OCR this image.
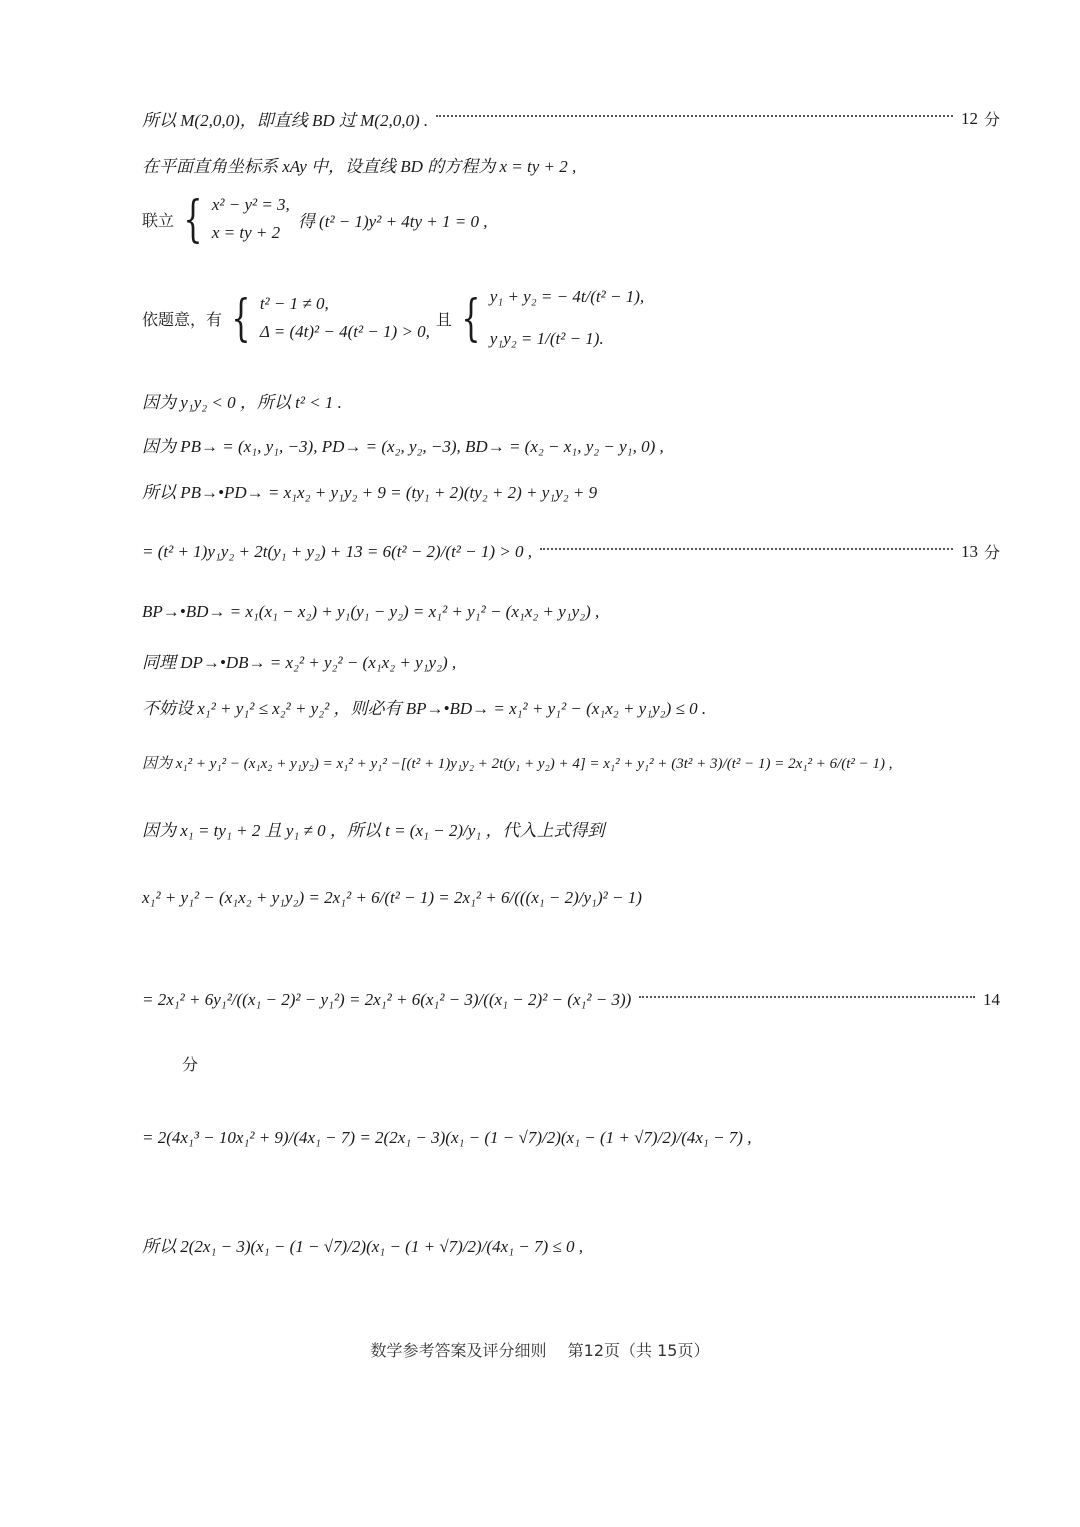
所以 M(2,0,0)，即直线 BD 过 M(2,0,0) .	12 分
在平面直角坐标系 xAy 中，设直线 BD 的方程为 x = ty + 2 ,
联立 { x² − y² = 3,
x = ty + 2
得 (t² − 1)y² + 4ty + 1 = 0 ,
依题意，有 { t² − 1 ≠ 0,
Δ = (4t)² − 4(t² − 1) > 0,
且 { y₁ + y₂ = − 4t/(t² − 1),
y₁y₂ = 1/(t² − 1).
因为 y₁y₂ < 0 ，所以 t² < 1 .
因为 PB→ = (x₁, y₁, −3), PD→ = (x₂, y₂, −3), BD→ = (x₂ − x₁, y₂ − y₁, 0) ,
所以 PB→•PD→ = x₁x₂ + y₁y₂ + 9 = (ty₁ + 2)(ty₂ + 2) + y₁y₂ + 9
= (t² + 1)y₁y₂ + 2t(y₁ + y₂) + 13 = 6(t² − 2)/(t² − 1) > 0 ,	13 分
BP→•BD→ = x₁(x₁ − x₂) + y₁(y₁ − y₂) = x₁² + y₁² − (x₁x₂ + y₁y₂) ,
同理 DP→•DB→ = x₂² + y₂² − (x₁x₂ + y₁y₂) ,
不妨设 x₁² + y₁² ≤ x₂² + y₂² ，则必有 BP→•BD→ = x₁² + y₁² − (x₁x₂ + y₁y₂) ≤ 0 .
因为 x₁² + y₁² − (x₁x₂ + y₁y₂) = x₁² + y₁² −[(t² + 1)y₁y₂ + 2t(y₁ + y₂) + 4] = x₁² + y₁² + (3t² + 3)/(t² − 1) = 2x₁² + 6/(t² − 1) ,
因为 x₁ = ty₁ + 2 且 y₁ ≠ 0 ，所以 t = (x₁ − 2)/y₁ ，代入上式得到
x₁² + y₁² − (x₁x₂ + y₁y₂) = 2x₁² + 6/(t² − 1) = 2x₁² + 6/(((x₁ − 2)/y₁)² − 1)
= 2x₁² + 6y₁²/((x₁ − 2)² − y₁²) = 2x₁² + 6(x₁² − 3)/((x₁ − 2)² − (x₁² − 3))	14
分
= 2(4x₁³ − 10x₁² + 9)/(4x₁ − 7) = 2(2x₁ − 3)(x₁ − (1 − √7)/2)(x₁ − (1 + √7)/2)/(4x₁ − 7) ,
所以 2(2x₁ − 3)(x₁ − (1 − √7)/2)(x₁ − (1 + √7)/2)/(4x₁ − 7) ≤ 0 ,
数学参考答案及评分细则 第12页（共 15页）
